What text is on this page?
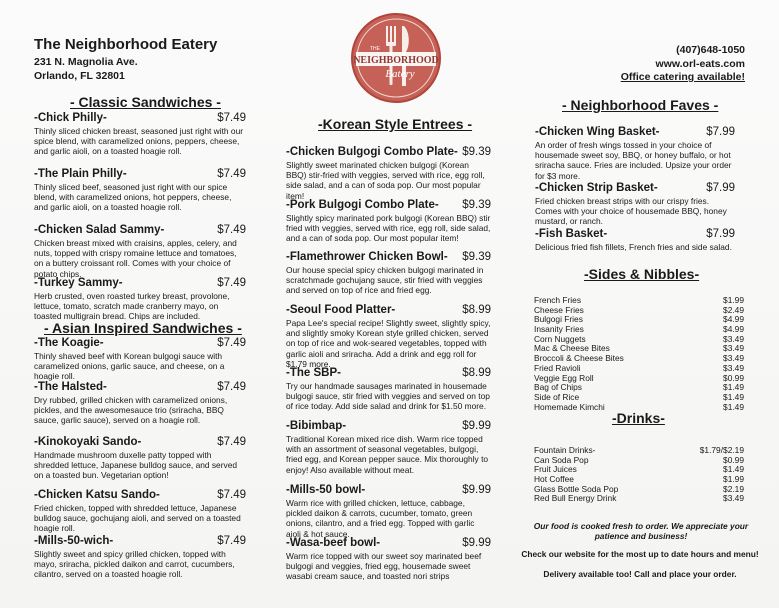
The Neighborhood Eatery
231 N. Magnolia Ave.
Orlando, FL 32801
THE
NEIGHBORHOOD
Eatery
(407)648-1050
www.orl-eats.com
Office catering available!
- Classic Sandwiches -
-Chick Philly-	$7.49
Thinly sliced chicken breast, seasoned just right with our spice blend, with caramelized onions, peppers, cheese, and garlic aioli, on a toasted hoagie roll.
-The Plain Philly-	$7.49
Thinly sliced beef, seasoned just right with our spice blend, with caramelized onions, hot peppers, cheese, and garlic aioli, on a toasted hoagie roll.
-Chicken Salad Sammy-	$7.49
Chicken breast mixed with craisins, apples, celery, and nuts, topped with crispy romaine lettuce and tomatoes, on a buttery croissant roll. Comes with your choice of potato chips.
-Turkey Sammy-	$7.49
Herb crusted, oven roasted turkey breast, provolone, lettuce, tomato, scratch made cranberry mayo, on toasted multigrain bread. Chips are included.
- Asian Inspired Sandwiches -
-The Koagie-	$7.49
Thinly shaved beef with Korean bulgogi sauce with caramelized onions, garlic sauce, and cheese, on a hoagie roll.
-The Halsted-	$7.49
Dry rubbed, grilled chicken with caramelized onions, pickles, and the awesomesauce trio (sriracha, BBQ sauce, garlic sauce), served on a hoagie roll.
-Kinokoyaki Sando-	$7.49
Handmade mushroom duxelle patty topped with shredded lettuce, Japanese bulldog sauce, and served on a toasted bun. Vegetarian option!
-Chicken Katsu Sando-	$7.49
Fried chicken, topped with shredded lettuce, Japanese bulldog sauce, gochujang aioli, and served on a toasted hoagie roll.
-Mills-50-wich-	$7.49
Slightly sweet and spicy grilled chicken, topped with mayo, sriracha, pickled daikon and carrot, cucumbers, cilantro, served on a toasted hoagie roll.
-Korean Style Entrees -
-Chicken Bulgogi Combo Plate- $9.39
Slightly sweet marinated chicken bulgogi (Korean BBQ) stir-fried with veggies, served with rice, egg roll, side salad, and a can of soda pop. Our most popular item!
-Pork Bulgogi Combo Plate-	$9.39
Slightly spicy marinated pork bulgogi (Korean BBQ) stir fried with veggies, served with rice, egg roll, side salad, and a can of soda pop. Our most popular item!
-Flamethrower Chicken Bowl-	$9.39
Our house special spicy chicken bulgogi marinated in scratchmade gochujang sauce, stir fried with veggies and served on top of rice and fried egg.
-Seoul Food Platter-	$8.99
Papa Lee's special recipe! Slightly sweet, slightly spicy, and slightly smoky Korean style grilled chicken, served on top of rice and wok-seared vegetables, topped with garlic aioli and sriracha. Add a drink and egg roll for $1.79 more.
-The SBP-	$8.99
Try our handmade sausages marinated in housemade bulgogi sauce, stir fried with veggies and served on top of rice today. Add side salad and drink for $1.50 more.
-Bibimbap-	$9.99
Traditional Korean mixed rice dish. Warm rice topped with an assortment of seasonal vegetables, bulgogi, fried egg, and Korean pepper sauce. Mix thoroughly to enjoy! Also available without meat.
-Mills-50 bowl-	$9.99
Warm rice with grilled chicken, lettuce, cabbage, pickled daikon & carrots, cucumber, tomato, green onions, cilantro, and a fried egg. Topped with garlic aioli & hot sauce.
-Wasa-beef bowl-	$9.99
Warm rice topped with our sweet soy marinated beef bulgogi and veggies, fried egg, housemade sweet wasabi cream sauce, and toasted nori strips
- Neighborhood Faves -
-Chicken Wing Basket-	$7.99
An order of fresh wings tossed in your choice of housemade sweet soy, BBQ, or honey buffalo, or hot sriracha sauce. Fries are included. Upsize your order for $3 more.
-Chicken Strip Basket-	$7.99
Fried chicken breast strips with our crispy fries. Comes with your choice of housemade BBQ, honey mustard, or ranch.
-Fish Basket-	$7.99
Delicious fried fish fillets, French fries and side salad.
-Sides & Nibbles-
French Fries	$1.99
Cheese Fries	$2.49
Bulgogi Fries	$4.99
Insanity Fries	$4.99
Corn Nuggets	$3.49
Mac & Cheese Bites	$3.49
Broccoli & Cheese Bites	$3.49
Fried Ravioli	$3.49
Veggie Egg Roll	$0.99
Bag of Chips	$1.49
Side of Rice	$1.49
Homemade Kimchi	$1.49
-Drinks-
Fountain Drinks-	$1.79/$2.19
Can Soda Pop	$0.99
Fruit Juices	$1.49
Hot Coffee	$1.99
Glass Bottle Soda Pop	$2.19
Red Bull Energy Drink	$3.49
Our food is cooked fresh to order. We appreciate your patience and business!
Check our website for the most up to date hours and menu!
Delivery available too! Call and place your order.
